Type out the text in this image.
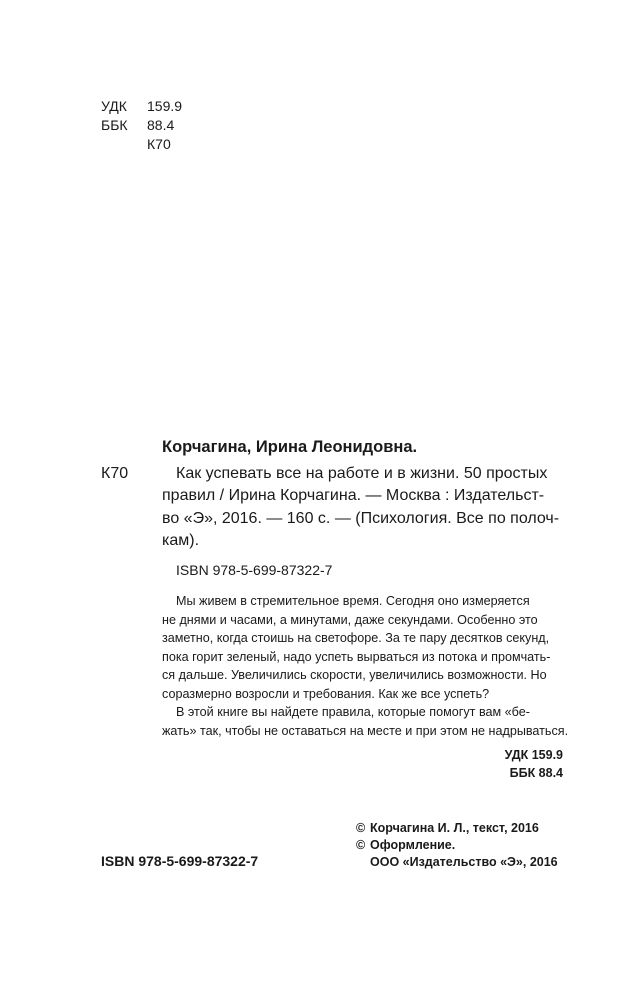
УДК 159.9
ББК 88.4
К70
Корчагина, Ирина Леонидовна.
К70	Как успевать все на работе и в жизни. 50 простых
правил / Ирина Корчагина. — Москва : Издательст-
во «Э», 2016. — 160 с. — (Психология. Все по полоч-
кам).
ISBN 978-5-699-87322-7
Мы живем в стремительное время. Сегодня оно измеряется
не днями и часами, а минутами, даже секундами. Особенно это
заметно, когда стоишь на светофоре. За те пару десятков секунд,
пока горит зеленый, надо успеть вырваться из потока и промчать-
ся дальше. Увеличились скорости, увеличились возможности. Но
соразмерно возросли и требования. Как же все успеть?
В этой книге вы найдете правила, которые помогут вам «бе-
жать» так, чтобы не оставаться на месте и при этом не надрываться.
УДК 159.9
ББК 88.4
© Корчагина И. Л., текст, 2016
© Оформление.
ООО «Издательство «Э», 2016
ISBN 978-5-699-87322-7
